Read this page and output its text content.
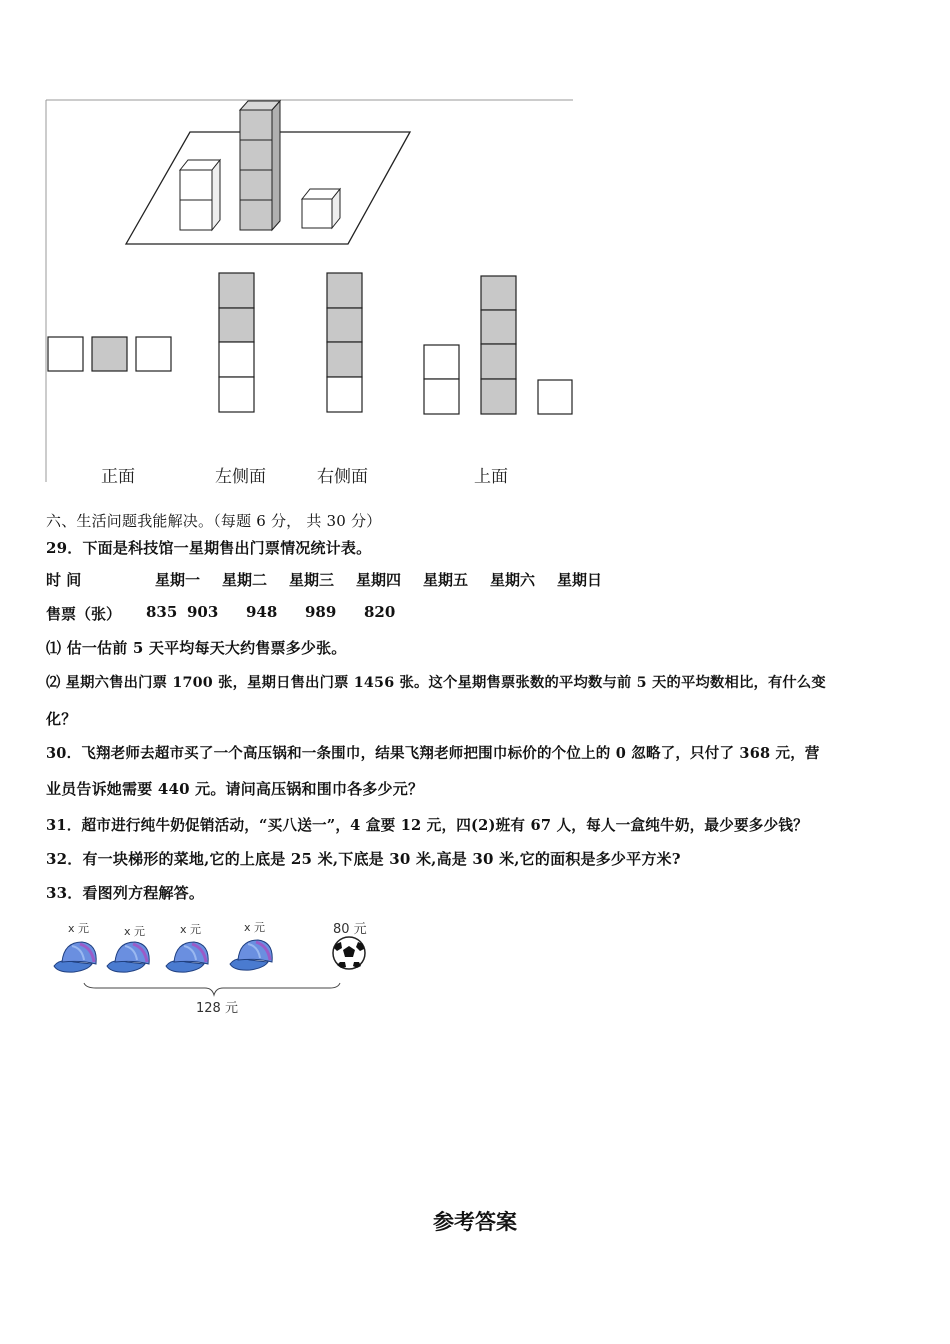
正面	左侧面	右侧面	上面
六、生活问题我能解决。（每题 6 分， 共 30 分）
29．下面是科技馆一星期售出门票情况统计表。
时 间	星期一 星期二 星期三 星期四 星期五 星期六 星期日
售票（张） 835 903 948 989 820
⑴ 估一估前 5 天平均每天大约售票多少张。
⑵ 星期六售出门票 1700 张，星期日售出门票 1456 张。这个星期售票张数的平均数与前 5 天的平均数相比，有什么变
化？
30．飞翔老师去超市买了一个高压锅和一条围巾，结果飞翔老师把围巾标价的个位上的 0 忽略了，只付了 368 元，营
业员告诉她需要 440 元。请问高压锅和围巾各多少元？
31．超市进行纯牛奶促销活动，“买八送一”，4 盒要 12 元，四(2)班有 67 人，每人一盒纯牛奶，最少要多少钱？
32．有一块梯形的菜地,它的上底是 25 米,下底是 30 米,高是 30 米,它的面积是多少平方米?
33．看图列方程解答。
x 元	x 元	x 元	x 元	80 元
128 元
参考答案
